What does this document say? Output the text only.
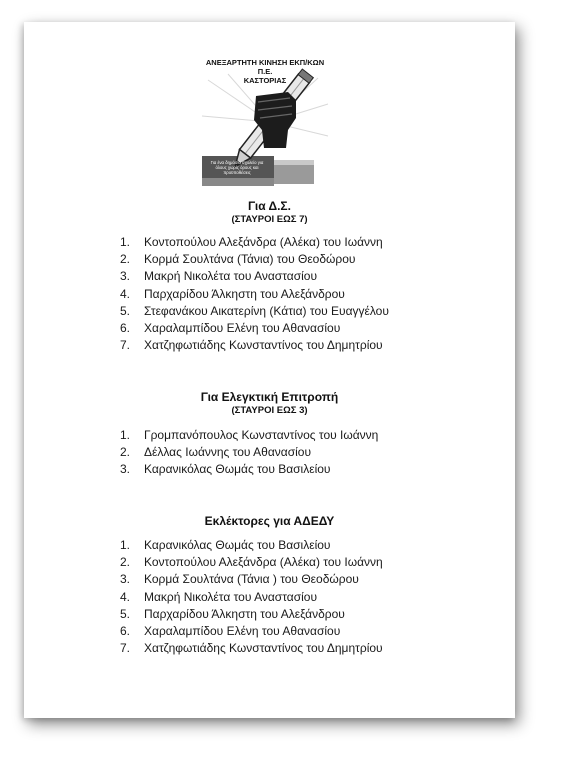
ΑΝΕΞΑΡΤΗΤΗ ΚΙΝΗΣΗ ΕΚΠ/ΚΩΝ Π.Ε.
ΚΑΣΤΟΡΙΑΣ
Για ένα δημόσιο σχολείο για όλους χωρίς όρους και προϋποθέσεις
Για Δ.Σ.
(ΣΤΑΥΡΟΙ ΕΩΣ 7)
1. Κοντοπούλου Αλεξάνδρα (Αλέκα) του Ιωάννη
2. Κορμά Σουλτάνα (Τάνια) του Θεοδώρου
3. Μακρή Νικολέτα του Αναστασίου
4. Παρχαρίδου Άλκηστη του Αλεξάνδρου
5. Στεφανάκου Αικατερίνη (Κάτια) του Ευαγγέλου
6. Χαραλαμπίδου Ελένη του Αθανασίου
7. Χατζηφωτιάδης Κωνσταντίνος του Δημητρίου
Για Ελεγκτική Επιτροπή
(ΣΤΑΥΡΟΙ ΕΩΣ 3)
1. Γρομπανόπουλος Κωνσταντίνος του Ιωάννη
2. Δέλλας Ιωάννης του Αθανασίου
3. Καρανικόλας Θωμάς του Βασιλείου
Εκλέκτορες για ΑΔΕΔΥ
1. Καρανικόλας Θωμάς του Βασιλείου
2. Κοντοπούλου Αλεξάνδρα (Αλέκα) του Ιωάννη
3. Κορμά Σουλτάνα (Τάνια ) του Θεοδώρου
4. Μακρή Νικολέτα του Αναστασίου
5. Παρχαρίδου Άλκηστη του Αλεξάνδρου
6. Χαραλαμπίδου Ελένη του Αθανασίου
7. Χατζηφωτιάδης Κωνσταντίνος του Δημητρίου
